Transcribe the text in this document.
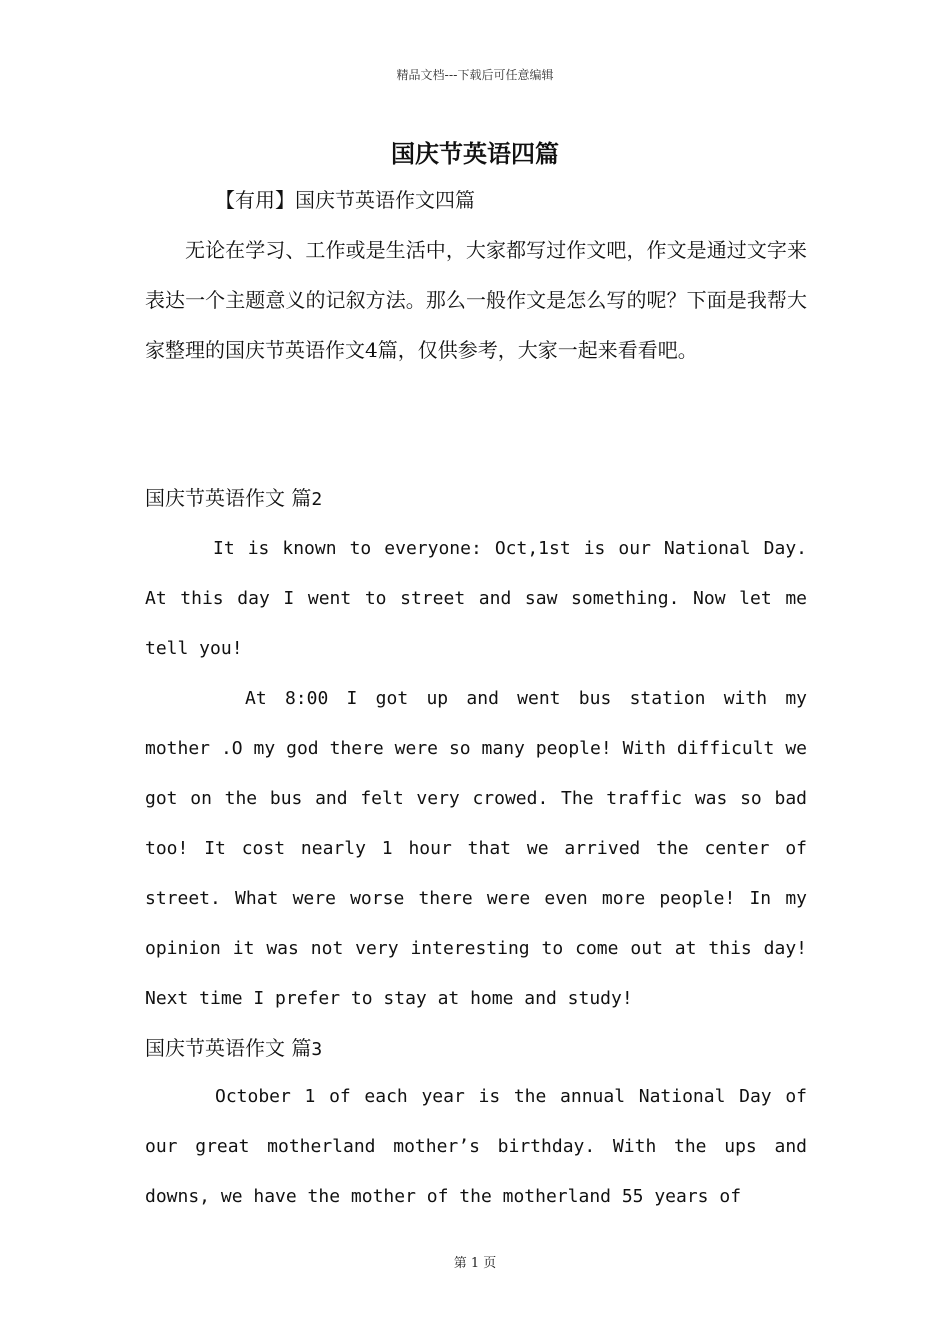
精品文档---下载后可任意编辑
国庆节英语四篇
【有用】国庆节英语作文四篇
无论在学习、工作或是生活中，大家都写过作文吧，作文是通过文字来表达一个主题意义的记叙方法。那么一般作文是怎么写的呢？下面是我帮大家整理的国庆节英语作文4篇，仅供参考，大家一起来看看吧。
国庆节英语作文 篇2
It is known to everyone: Oct,1st is our National Day. At this day I went to street and saw something. Now let me tell you!
At 8:00 I got up and went bus station with my mother .O my god there were so many people! With difficult we got on the bus and felt very crowed. The traffic was so bad too! It cost nearly 1 hour that we arrived the center of street. What were worse there were even more people! In my opinion it was not very interesting to come out at this day! Next time I prefer to stay at home and study!
国庆节英语作文 篇3
October 1 of each year is the annual National Day of our great motherland mother’s birthday. With the ups and downs, we have the mother of the motherland 55 years of
第 1 页
